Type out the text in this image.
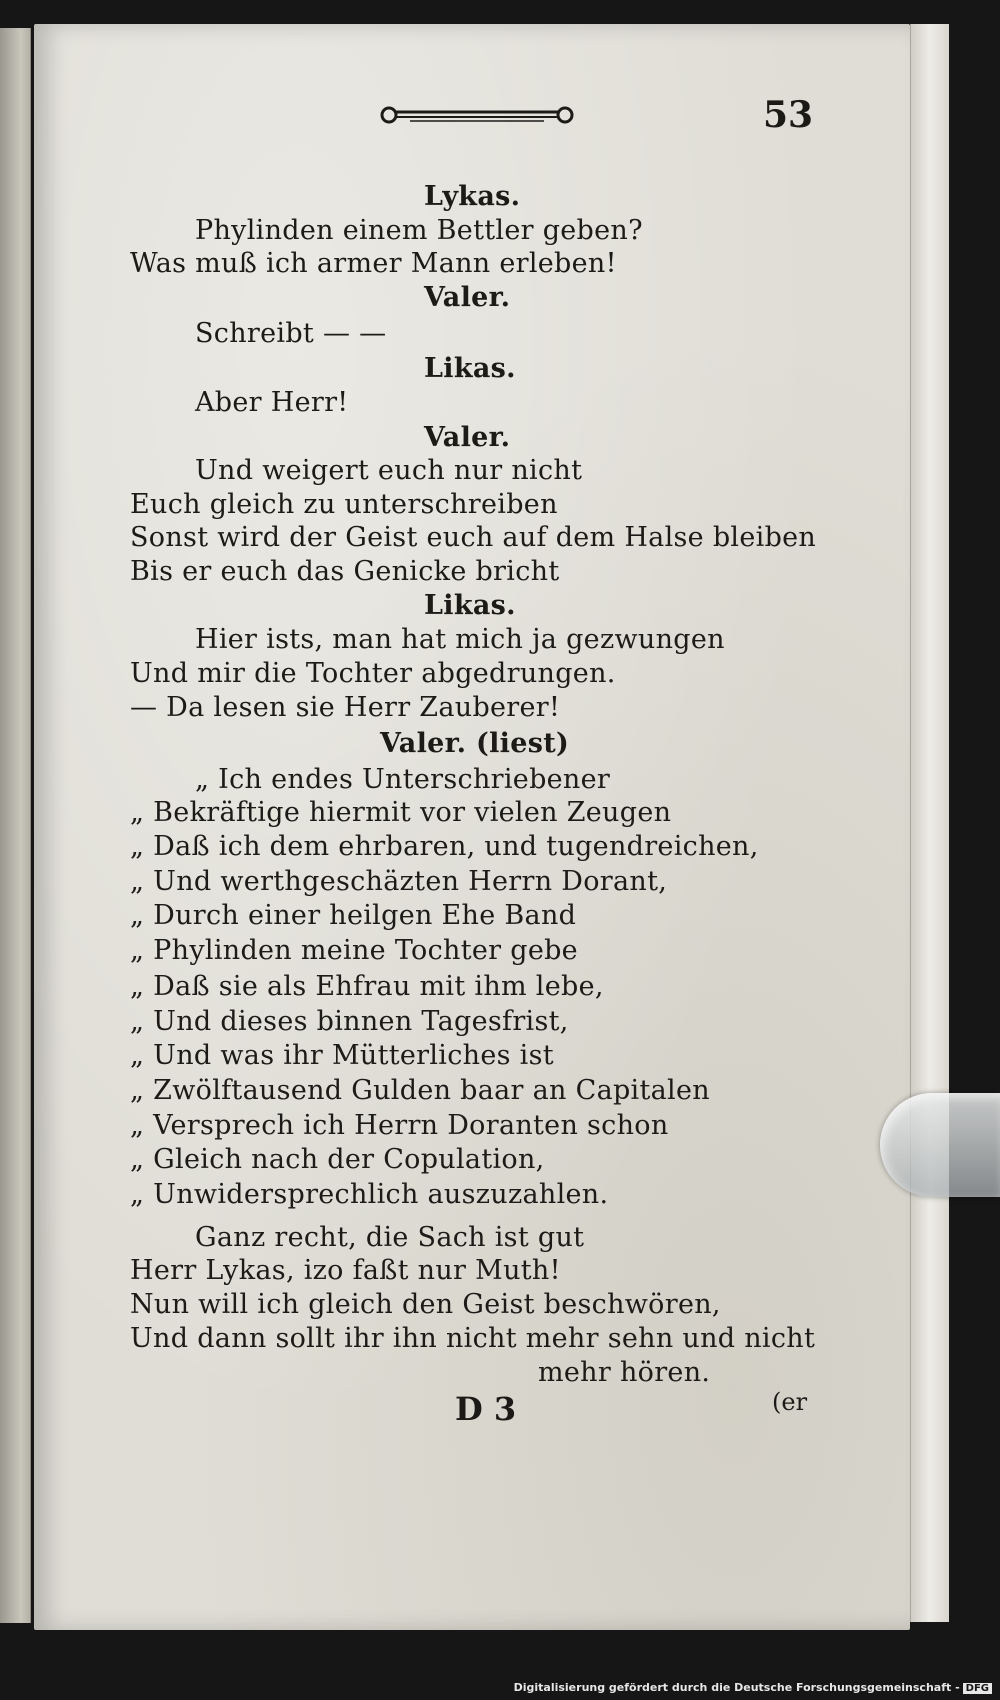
53
Lykas.
Phylinden einem Bettler geben?
Was muß ich armer Mann erleben!
Valer.
Schreibt — —
Likas.
Aber Herr!
Valer.
Und weigert euch nur nicht
Euch gleich zu unterschreiben
Sonst wird der Geist euch auf dem Halse bleiben
Bis er euch das Genicke bricht
Likas.
Hier ists, man hat mich ja gezwungen
Und mir die Tochter abgedrungen.
— Da lesen sie Herr Zauberer!
Valer. (liest)
„ Ich endes Unterschriebener
„ Bekräftige hiermit vor vielen Zeugen
„ Daß ich dem ehrbaren, und tugendreichen,
„ Und werthgeschäzten Herrn Dorant,
„ Durch einer heilgen Ehe Band
„ Phylinden meine Tochter gebe
„ Daß sie als Ehfrau mit ihm lebe,
„ Und dieses binnen Tagesfrist,
„ Und was ihr Mütterliches ist
„ Zwölftausend Gulden baar an Capitalen
„ Versprech ich Herrn Doranten schon
„ Gleich nach der Copulation,
„ Unwidersprechlich auszuzahlen.
Ganz recht, die Sach ist gut
Herr Lykas, izo faßt nur Muth!
Nun will ich gleich den Geist beschwören,
Und dann sollt ihr ihn nicht mehr sehn und nicht
mehr hören.
D 3	(er
Digitalisierung gefördert durch die Deutsche Forschungsgemeinschaft - DFG
